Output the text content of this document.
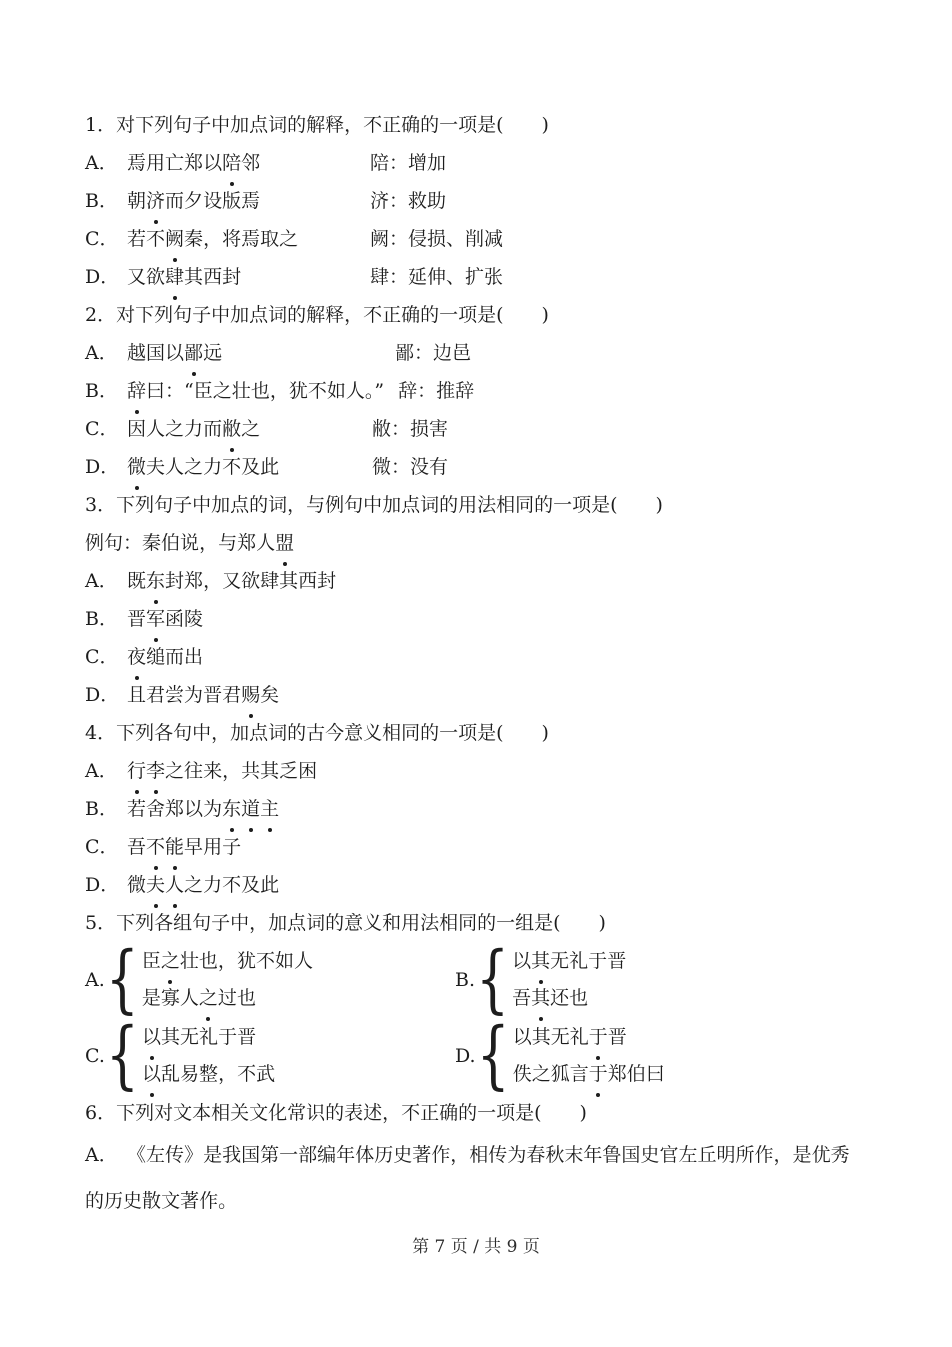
1．对下列句子中加点词的解释，不正确的一项是(　　)
A． 焉用亡郑以陪邻	陪：增加
B． 朝济而夕设版焉	济：救助
C． 若不阙秦，将焉取之	阙：侵损、削减
D． 又欲肆其西封	肆：延伸、扩张
2．对下列句子中加点词的解释，不正确的一项是(　　)
A． 越国以鄙远	鄙：边邑
B． 辞曰：“臣之壮也，犹不如人。” 辞：推辞
C． 因人之力而敝之	敝：损害
D． 微夫人之力不及此	微：没有
3．下列句子中加点的词，与例句中加点词的用法相同的一项是(　　)
例句：秦伯说，与郑人盟
A． 既东封郑，又欲肆其西封
B． 晋军函陵
C． 夜缒而出
D． 且君尝为晋君赐矣
4．下列各句中，加点词的古今意义相同的一项是(　　)
A． 行李之往来，共其乏困
B． 若舍郑以为东道主
C． 吾不能早用子
D． 微夫人之力不及此
5．下列各组句子中，加点词的意义和用法相同的一组是(　　)
A. { 臣之壮也，犹不如人
是寡人之过也
B. { 以其无礼于晋
吾其还也
C. { 以其无礼于晋
以乱易整，不武
D. { 以其无礼于晋
佚之狐言于郑伯曰
6．下列对文本相关文化常识的表述，不正确的一项是(　　)
A． 《左传》是我国第一部编年体历史著作，相传为春秋末年鲁国史官左丘明所作，是优秀的历史散文著作。
第 7 页 / 共 9 页
